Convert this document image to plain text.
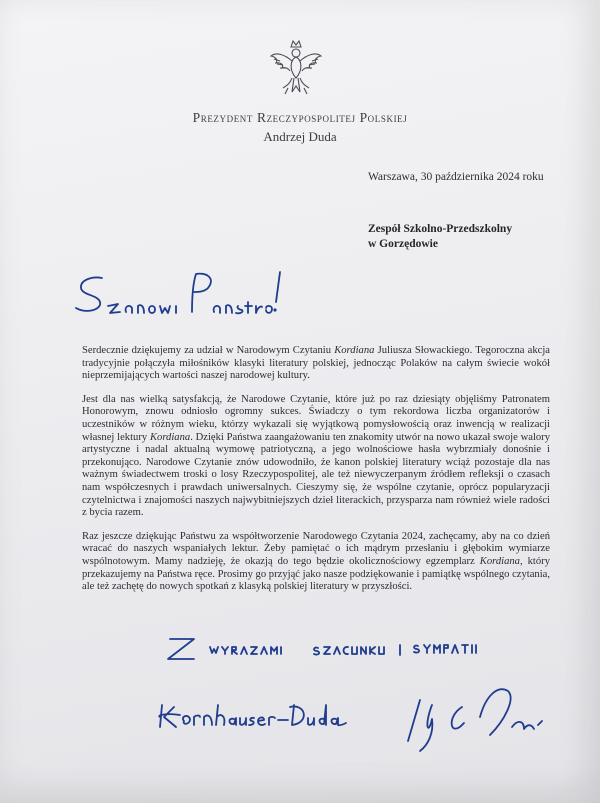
Prezydent Rzeczypospolitej Polskiej
Andrzej Duda
Warszawa, 30 października 2024 roku
Zespół Szkolno-Przedszkolny
w Gorzędowie

Serdecznie dziękujemy za udział w Narodowym Czytaniu Kordiana Juliusza Słowackiego. Tegoroczna akcja tradycyjnie połączyła miłośników klasyki literatury polskiej, jednocząc Polaków na całym świecie wokół nieprzemijających wartości naszej narodowej kultury.

Jest dla nas wielką satysfakcją, że Narodowe Czytanie, które już po raz dziesiąty objęliśmy Patronatem Honorowym, znowu odniosło ogromny sukces. Świadczy o tym rekordowa liczba organizatorów i uczestników w różnym wieku, którzy wykazali się wyjątkową pomysłowością oraz inwencją w realizacji własnej lektury Kordiana. Dzięki Państwa zaangażowaniu ten znakomity utwór na nowo ukazał swoje walory artystyczne i nadal aktualną wymowę patriotyczną, a jego wolnościowe hasła wybrzmiały donośnie i przekonująco. Narodowe Czytanie znów udowodniło, że kanon polskiej literatury wciąż pozostaje dla nas ważnym świadectwem troski o losy Rzeczypospolitej, ale też niewyczerpanym źródłem refleksji o czasach nam współczesnych i prawdach uniwersalnych. Cieszymy się, że wspólne czytanie, oprócz popularyzacji czytelnictwa i znajomości naszych najwybitniejszych dzieł literackich, przysparza nam również wiele radości z bycia razem.

Raz jeszcze dziękując Państwu za współtworzenie Narodowego Czytania 2024, zachęcamy, aby na co dzień wracać do naszych wspaniałych lektur. Żeby pamiętać o ich mądrym przesłaniu i głębokim wymiarze wspólnotowym. Mamy nadzieję, że okazją do tego będzie okolicznościowy egzemplarz Kordiana, który przekazujemy na Państwa ręce. Prosimy go przyjąć jako nasze podziękowanie i pamiątkę wspólnego czytania, ale też zachętę do nowych spotkań z klasyką polskiej literatury w przyszłości.
